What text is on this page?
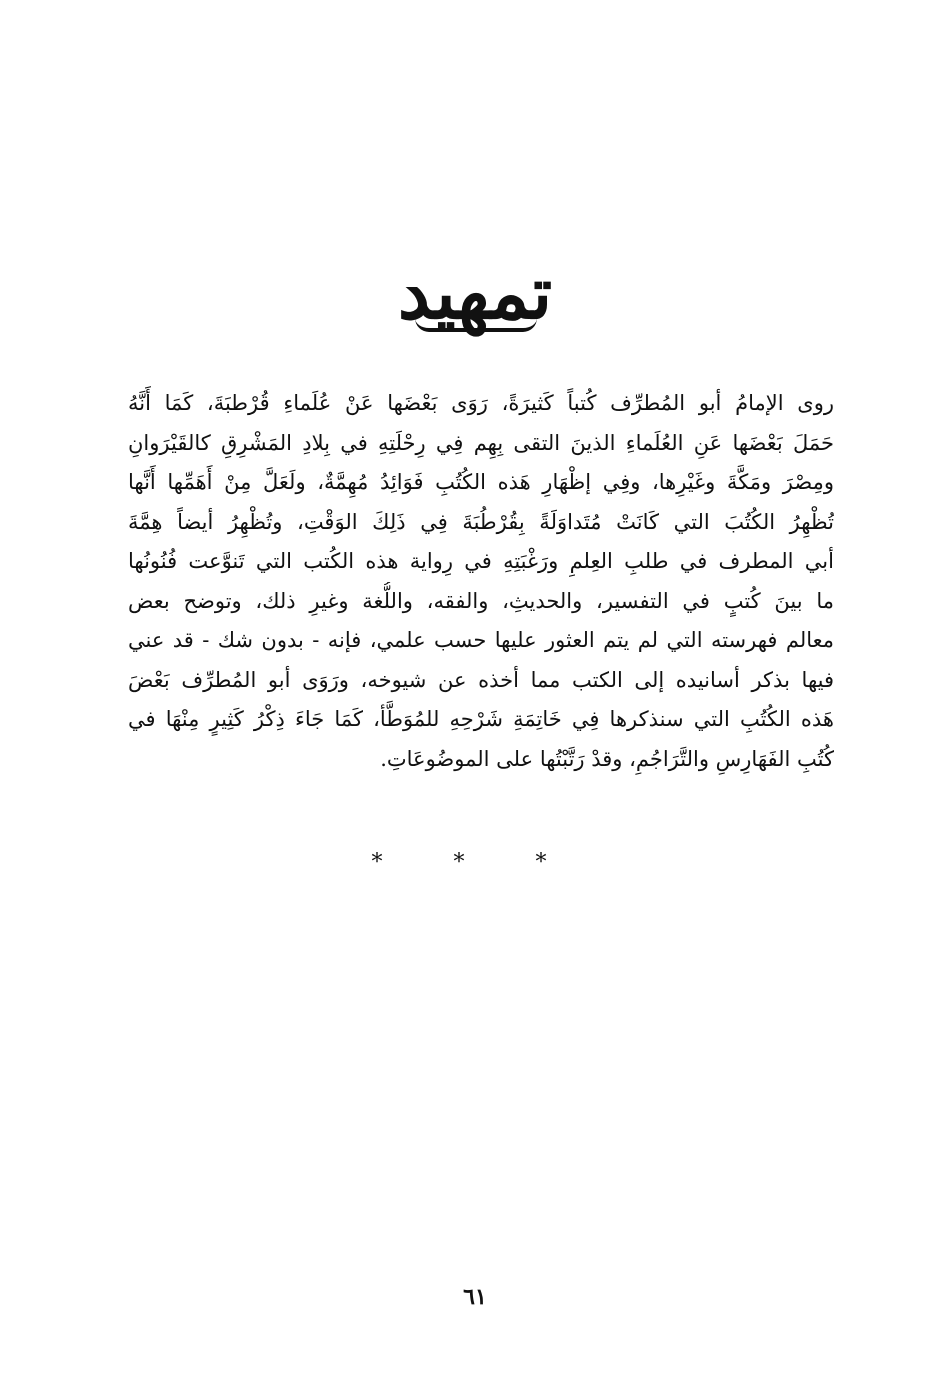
تمهيد
روى الإمامُ أبو المُطرِّف كُتباً كَثيرَةً، رَوَى بَعْضَها عَنْ عُلَماءِ قُرْطبَةَ، كَمَا أَنَّهُ
حَمَلَ بَعْضَها عَنِ العُلَماءِ الذينَ التقى بِهِم فِي رِحْلَتِهِ في بِلادِ المَشْرِقِ كالقَيْرَوانِ
ومِصْرَ ومَكَّةَ وغَيْرِها، وفِي إظْهَارِ هَذه الكُتُبِ فَوَائِدُ مُهِمَّةٌ، ولَعَلَّ مِنْ أَهَمِّها أَنَّها
تُظْهِرُ الكُتُبَ التي كَانَتْ مُتَداوَلَةً بِقُرْطُبَةَ فِي ذَلِكَ الوَقْتِ، وتُظْهِرُ أيضاً هِمَّةَ
أبي المطرف في طلبِ العِلمِ ورَغْبَتِهِ في رِواية هذه الكُتب التي تَنوَّعت فُنُونُها
ما بينَ كُتبٍ في التفسير، والحديثِ، والفقه، واللُّغة وغيرِ ذلك، وتوضح بعض
معالم فهرسته التي لم يتم العثور عليها حسب علمي، فإنه - بدون شك - قد عني
فيها بذكر أسانيده إلى الكتب مما أخذه عن شيوخه، ورَوَى أبو المُطرِّف بَعْضَ
هَذه الكُتُبِ التي سنذكرها فِي خَاتِمَةِ شَرْحِهِ للمُوَطَّأ، كَمَا جَاءَ ذِكْرُ كَثِيرٍ مِنْهَا في
كُتُبِ الفَهَارِسِ والتَّرَاجُمِ، وقدْ رَتَّبْتُها على الموضُوعَاتِ.
* * *
٦١
